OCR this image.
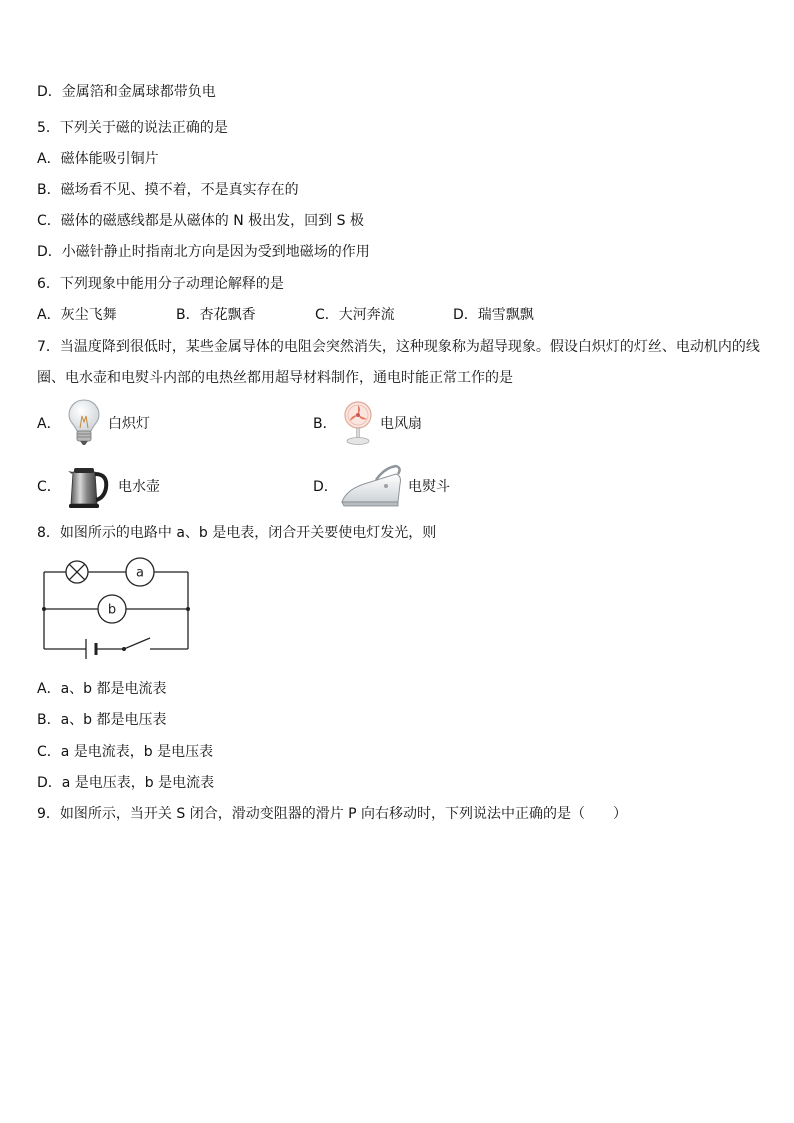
D．金属箔和金属球都带负电
5．下列关于磁的说法正确的是
A．磁体能吸引铜片
B．磁场看不见、摸不着，不是真实存在的
C．磁体的磁感线都是从磁体的 N 极出发，回到 S 极
D．小磁针静止时指南北方向是因为受到地磁场的作用
6．下列现象中能用分子动理论解释的是
A．灰尘飞舞	B．杏花飘香	C．大河奔流	D．瑞雪飘飘
7．当温度降到很低时，某些金属导体的电阻会突然消失，这种现象称为超导现象。假设白炽灯的灯丝、电动机内的线
圈、电水壶和电熨斗内部的电热丝都用超导材料制作，通电时能正常工作的是
A．	白炽灯	B．	电风扇
C．	电水壶	D．	电熨斗
8．如图所示的电路中 a、b 是电表，闭合开关要使电灯发光，则
a
b
A．a、b 都是电流表
B．a、b 都是电压表
C．a 是电流表，b 是电压表
D．a 是电压表，b 是电流表
9．如图所示，当开关 S 闭合，滑动变阻器的滑片 P 向右移动时，下列说法中正确的是（　　）
